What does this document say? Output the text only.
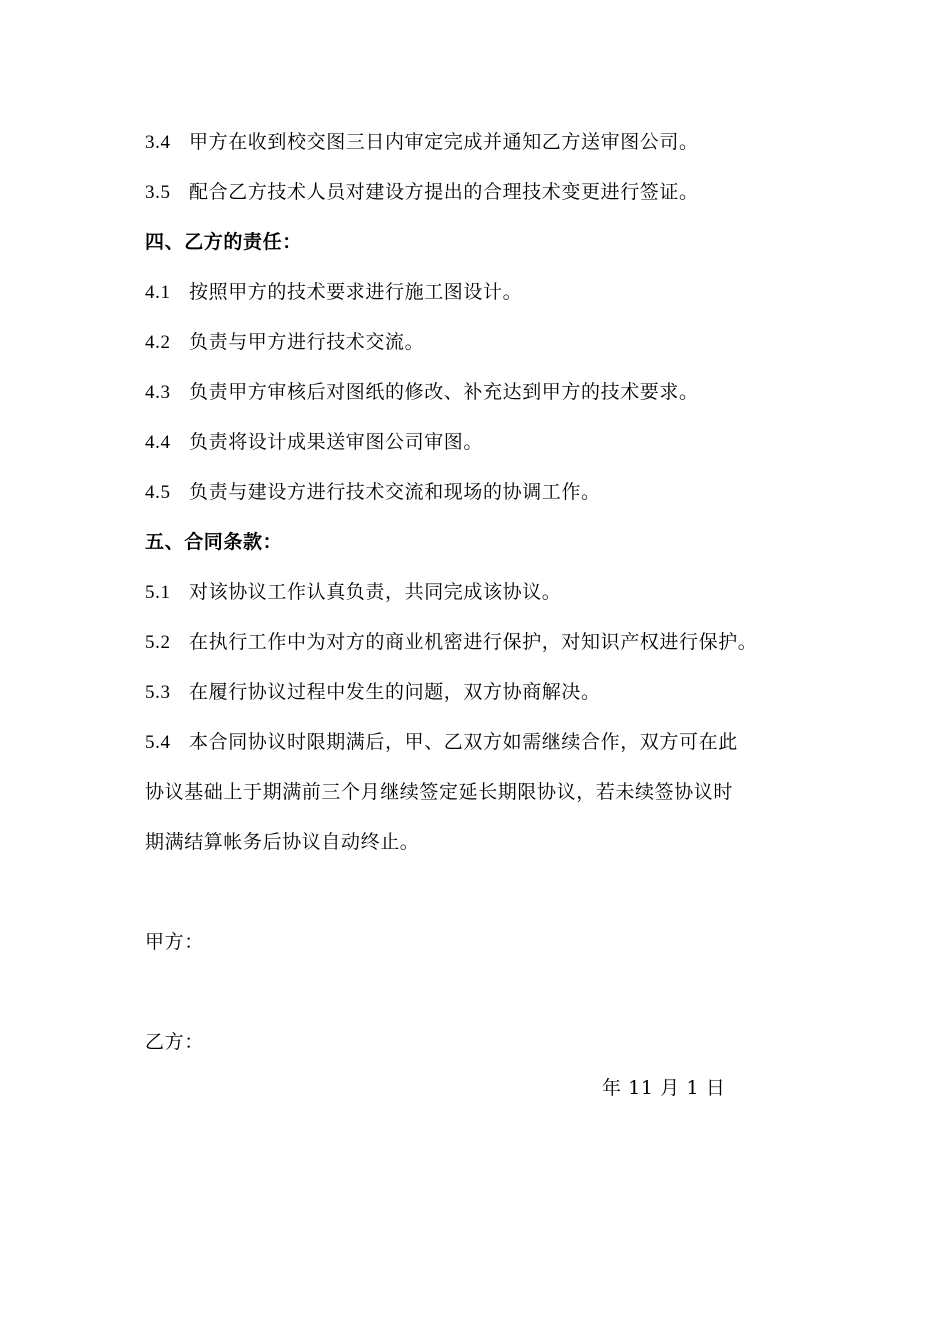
3.4 甲方在收到校交图三日内审定完成并通知乙方送审图公司。
3.5 配合乙方技术人员对建设方提出的合理技术变更进行签证。
四、乙方的责任：
4.1 按照甲方的技术要求进行施工图设计。
4.2 负责与甲方进行技术交流。
4.3 负责甲方审核后对图纸的修改、补充达到甲方的技术要求。
4.4 负责将设计成果送审图公司审图。
4.5 负责与建设方进行技术交流和现场的协调工作。
五、合同条款：
5.1 对该协议工作认真负责，共同完成该协议。
5.2 在执行工作中为对方的商业机密进行保护，对知识产权进行保护。
5.3 在履行协议过程中发生的问题，双方协商解决。
5.4 本合同协议时限期满后，甲、乙双方如需继续合作，双方可在此
协议基础上于期满前三个月继续签定延长期限协议，若未续签协议时
期满结算帐务后协议自动终止。
甲方：
乙方：
年 11 月 1 日
